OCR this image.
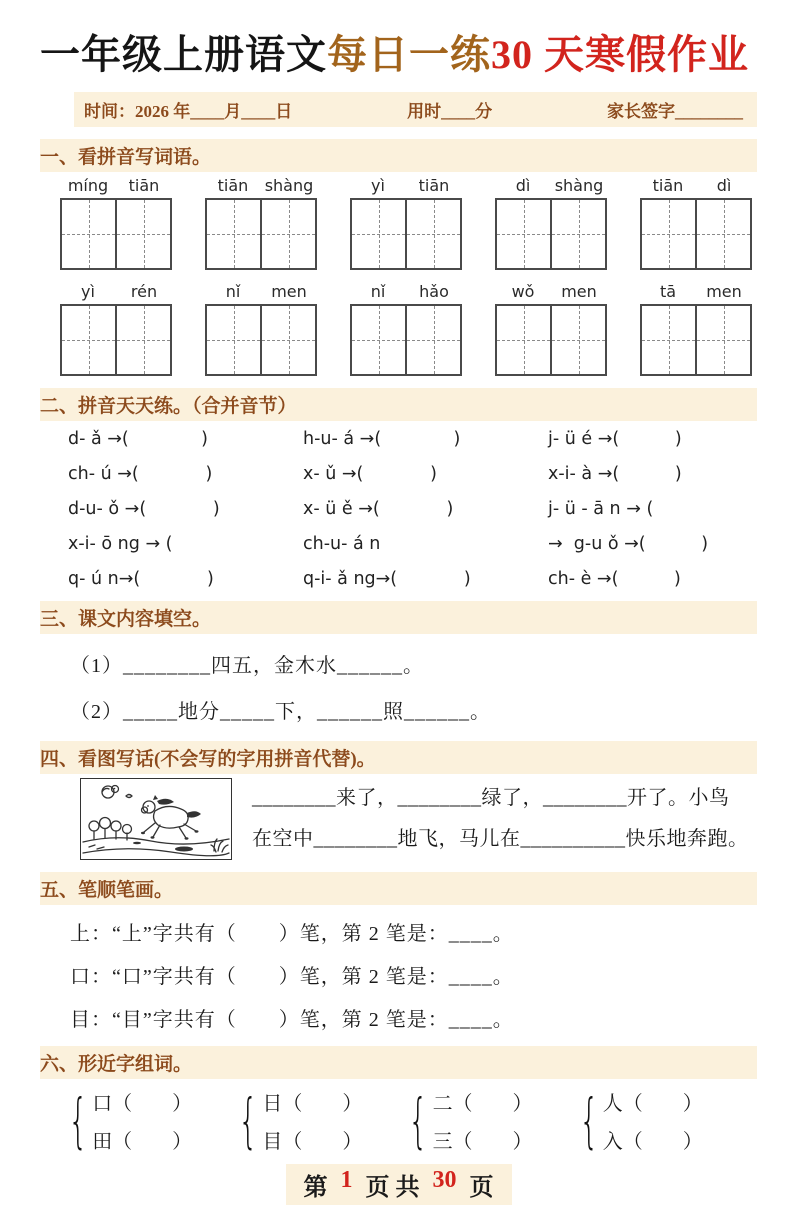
一年级上册语文每日一练30 天寒假作业
时间：2026 年____月____日	用时____分	家长签字________
一、看拼音写词语。
míng	tiān	tiān	shàng	yì	tiān	dì	shàng	tiān	dì
yì	rén	nǐ	men	nǐ	hǎo	wǒ	men	tā	men
二、拼音天天练。（合并音节）
d- ǎ →(             )	h-u- á →(             )	j- ü é →(          )
ch- ú →(            )	x- ǔ →(            )	x-i- à →(          )
d-u- ǒ →(            )	x- ü ě →(            )	j- ü - ā n → (
x-i- ō ng → (	ch-u- á n	→  g-u ǒ →(          )
q- ú n→(            )	q-i- ǎ ng→(            )	ch- è →(          )
三、课文内容填空。
（1）________四五，金木水______。
（2）_____地分_____下，______照______。
四、看图写话(不会写的字用拼音代替)。
________来了，________绿了，________开了。小鸟
在空中________地飞，马儿在__________快乐地奔跑。
五、笔顺笔画。
上：“上”字共有（　　）笔，第 2 笔是：____。
口：“口”字共有（　　）笔，第 2 笔是：____。
目：“目”字共有（　　）笔，第 2 笔是：____。
六、形近字组词。
{ 口（　　）
田（　　） { 日（　　）
目（　　） { 二（　　）
三（　　） { 人（　　）
入（　　）
第 1 页 共 30 页
